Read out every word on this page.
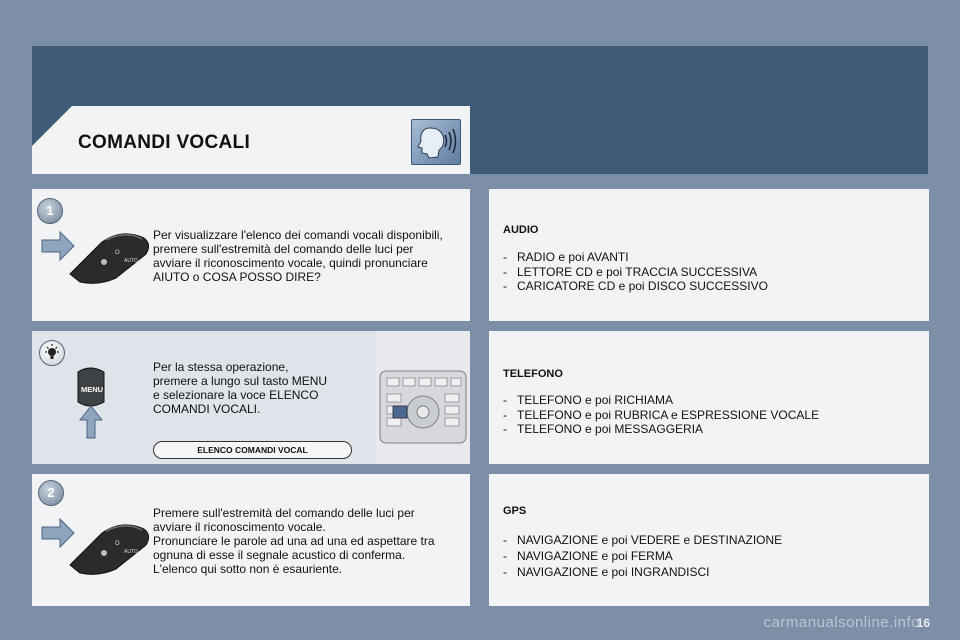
COMANDI VOCALI
1
O
AUTO
Per visualizzare l'elenco dei comandi vocali disponibili,
premere sull'estremità del comando delle luci per
avviare il riconoscimento vocale, quindi pronunciare
AIUTO o COSA POSSO DIRE?
MENU
Per la stessa operazione,
premere a lungo sul tasto MENU
e selezionare la voce ELENCO
COMANDI VOCALI.
ELENCO COMANDI VOCAL
2
O
AUTO
Premere sull'estremità del comando delle luci per
avviare il riconoscimento vocale.
Pronunciare le parole ad una ad una ed aspettare tra
ognuna di esse il segnale acustico di conferma.
L'elenco qui sotto non è esauriente.
AUDIO
- RADIO e poi AVANTI
- LETTORE CD e poi TRACCIA SUCCESSIVA
- CARICATORE CD e poi DISCO SUCCESSIVO
TELEFONO
- TELEFONO e poi RICHIAMA
- TELEFONO e poi RUBRICA e ESPRESSIONE VOCALE
- TELEFONO e poi MESSAGGERIA
GPS
- NAVIGAZIONE e poi VEDERE e DESTINAZIONE
- NAVIGAZIONE e poi FERMA
- NAVIGAZIONE e poi INGRANDISCI
carmanualsonline.info
16
